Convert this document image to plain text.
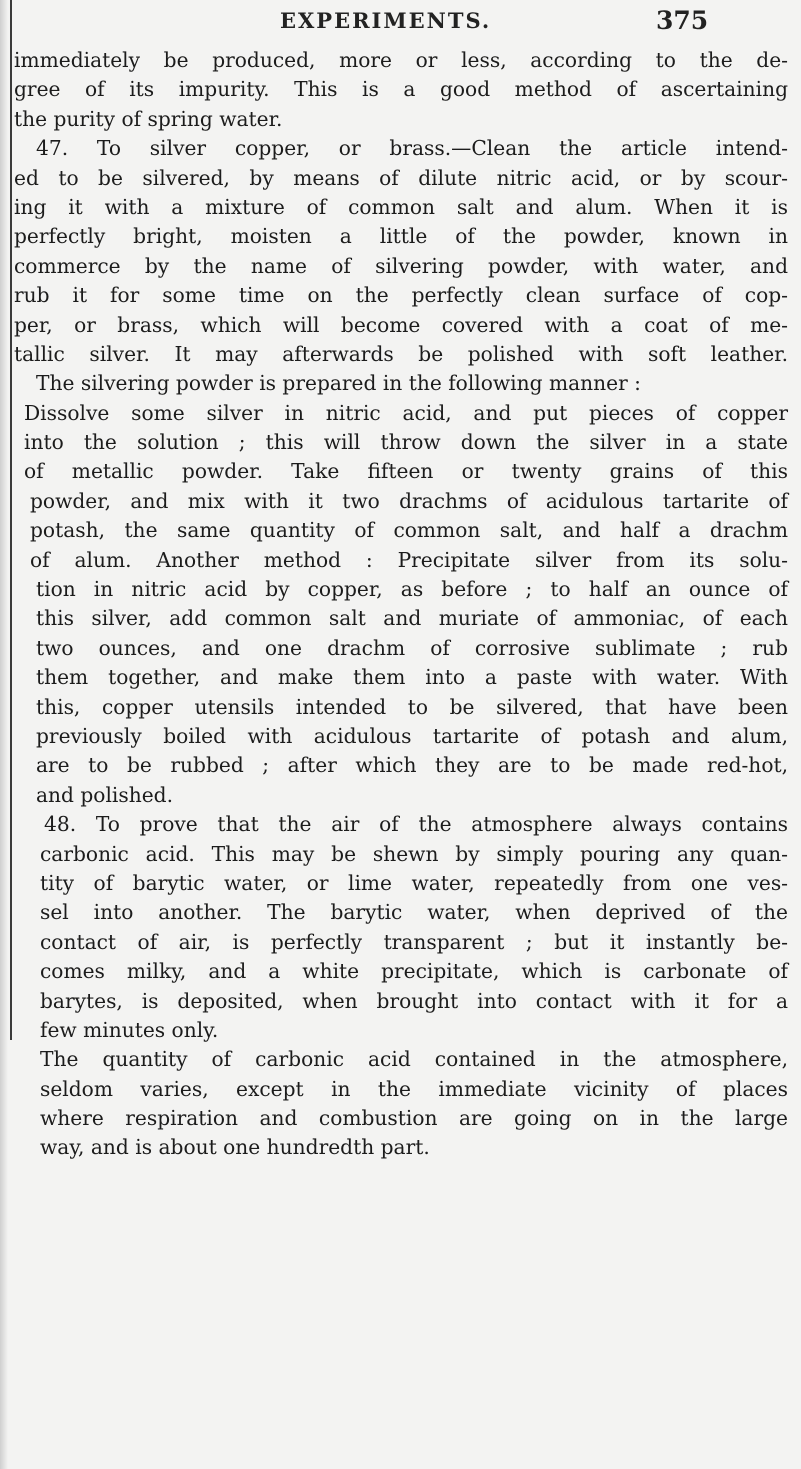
EXPERIMENTS.	375
immediately be produced, more or less, according to the de-
gree of its impurity. This is a good method of ascertaining
the purity of spring water.
47. To silver copper, or brass.—Clean the article intend-
ed to be silvered, by means of dilute nitric acid, or by scour-
ing it with a mixture of common salt and alum. When it is
perfectly bright, moisten a little of the powder, known in
commerce by the name of silvering powder, with water, and
rub it for some time on the perfectly clean surface of cop-
per, or brass, which will become covered with a coat of me-
tallic silver. It may afterwards be polished with soft leather.
The silvering powder is prepared in the following manner :
Dissolve some silver in nitric acid, and put pieces of copper
into the solution ; this will throw down the silver in a state
of metallic powder. Take fifteen or twenty grains of this
powder, and mix with it two drachms of acidulous tartarite of
potash, the same quantity of common salt, and half a drachm
of alum. Another method : Precipitate silver from its solu-
tion in nitric acid by copper, as before ; to half an ounce of
this silver, add common salt and muriate of ammoniac, of each
two ounces, and one drachm of corrosive sublimate ; rub
them together, and make them into a paste with water. With
this, copper utensils intended to be silvered, that have been
previously boiled with acidulous tartarite of potash and alum,
are to be rubbed ; after which they are to be made red-hot,
and polished.
48. To prove that the air of the atmosphere always contains
carbonic acid. This may be shewn by simply pouring any quan-
tity of barytic water, or lime water, repeatedly from one ves-
sel into another. The barytic water, when deprived of the
contact of air, is perfectly transparent ; but it instantly be-
comes milky, and a white precipitate, which is carbonate of
barytes, is deposited, when brought into contact with it for a
few minutes only.
The quantity of carbonic acid contained in the atmosphere,
seldom varies, except in the immediate vicinity of places
where respiration and combustion are going on in the large
way, and is about one hundredth part.
